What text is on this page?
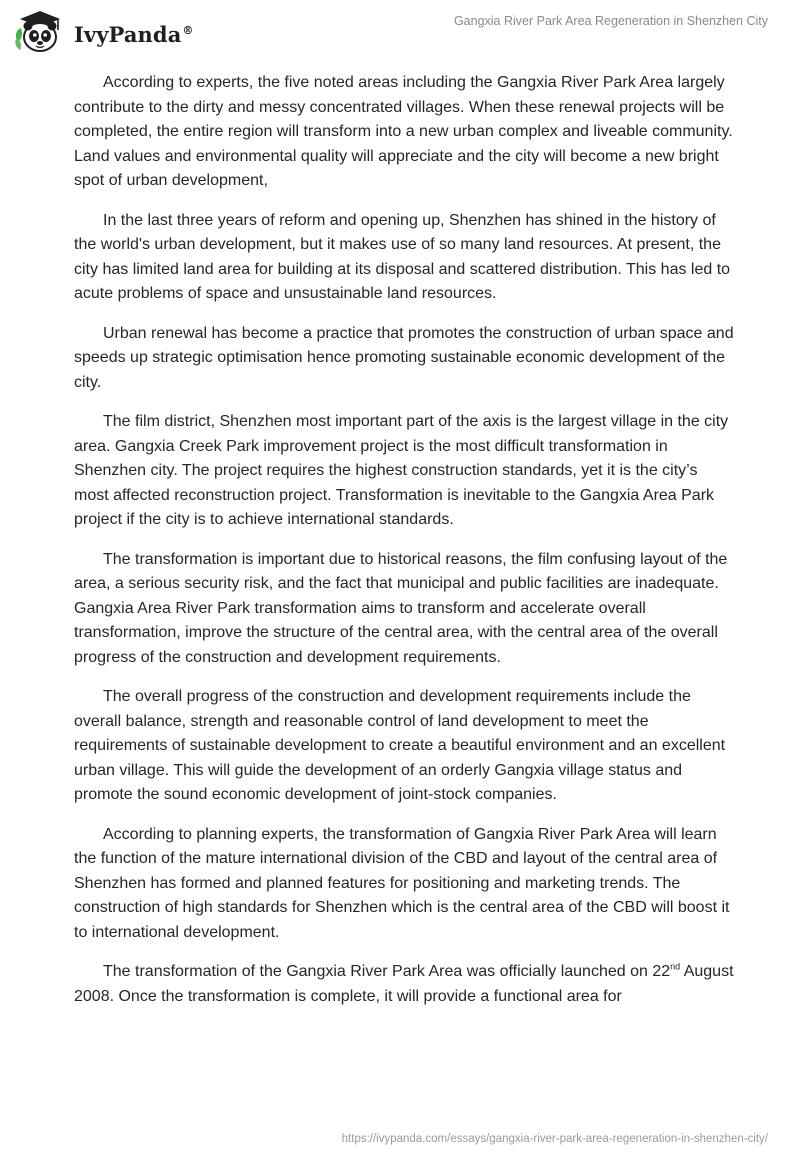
IvyPanda®
Gangxia River Park Area Regeneration in Shenzhen City

According to experts, the five noted areas including the Gangxia River Park Area largely contribute to the dirty and messy concentrated villages. When these renewal projects will be completed, the entire region will transform into a new urban complex and liveable community. Land values and environmental quality will appreciate and the city will become a new bright spot of urban development,

In the last three years of reform and opening up, Shenzhen has shined in the history of the world's urban development, but it makes use of so many land resources. At present, the city has limited land area for building at its disposal and scattered distribution. This has led to acute problems of space and unsustainable land resources.

Urban renewal has become a practice that promotes the construction of urban space and speeds up strategic optimisation hence promoting sustainable economic development of the city.

The film district, Shenzhen most important part of the axis is the largest village in the city area. Gangxia Creek Park improvement project is the most difficult transformation in Shenzhen city. The project requires the highest construction standards, yet it is the city’s most affected reconstruction project. Transformation is inevitable to the Gangxia Area Park project if the city is to achieve international standards.

The transformation is important due to historical reasons, the film confusing layout of the area, a serious security risk, and the fact that municipal and public facilities are inadequate. Gangxia Area River Park transformation aims to transform and accelerate overall transformation, improve the structure of the central area, with the central area of the overall progress of the construction and development requirements.

The overall progress of the construction and development requirements include the overall balance, strength and reasonable control of land development to meet the requirements of sustainable development to create a beautiful environment and an excellent urban village. This will guide the development of an orderly Gangxia village status and promote the sound economic development of joint-stock companies.

According to planning experts, the transformation of Gangxia River Park Area will learn the function of the mature international division of the CBD and layout of the central area of Shenzhen has formed and planned features for positioning and marketing trends. The construction of high standards for Shenzhen which is the central area of the CBD will boost it to international development.

The transformation of the Gangxia River Park Area was officially launched on 22nd August 2008. Once the transformation is complete, it will provide a functional area for

https://ivypanda.com/essays/gangxia-river-park-area-regeneration-in-shenzhen-city/
